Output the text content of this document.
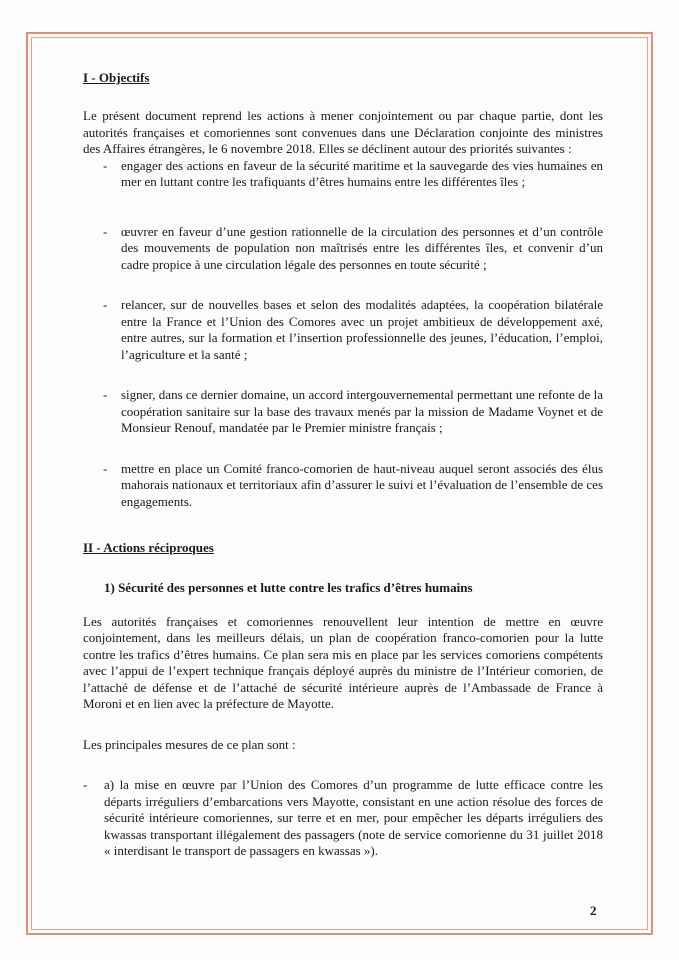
I - Objectifs

Le présent document reprend les actions à mener conjointement ou par chaque partie, dont les autorités françaises et comoriennes sont convenues dans une Déclaration conjointe des ministres des Affaires étrangères, le 6 novembre 2018. Elles se déclinent autour des priorités suivantes :

- engager des actions en faveur de la sécurité maritime et la sauvegarde des vies humaines en mer en luttant contre les trafiquants d’êtres humains entre les différentes îles ;
- œuvrer en faveur d’une gestion rationnelle de la circulation des personnes et d’un contrôle des mouvements de population non maîtrisés entre les différentes îles, et convenir d’un cadre propice à une circulation légale des personnes en toute sécurité ;
- relancer, sur de nouvelles bases et selon des modalités adaptées, la coopération bilatérale entre la France et l’Union des Comores avec un projet ambitieux de développement axé, entre autres, sur la formation et l’insertion professionnelle des jeunes, l’éducation, l’emploi, l’agriculture et la santé ;
- signer, dans ce dernier domaine, un accord intergouvernemental permettant une refonte de la coopération sanitaire sur la base des travaux menés par la mission de Madame Voynet et de Monsieur Renouf, mandatée par le Premier ministre français ;
- mettre en place un Comité franco-comorien de haut-niveau auquel seront associés des élus mahorais nationaux et territoriaux afin d’assurer le suivi et l’évaluation de l’ensemble de ces engagements.
II - Actions réciproques

1) Sécurité des personnes et lutte contre les trafics d’êtres humains

Les autorités françaises et comoriennes renouvellent leur intention de mettre en œuvre conjointement, dans les meilleurs délais, un plan de coopération franco-comorien pour la lutte contre les trafics d’êtres humains. Ce plan sera mis en place par les services comoriens compétents avec l’appui de l’expert technique français déployé auprès du ministre de l’Intérieur comorien, de l’attaché de défense et de l’attaché de sécurité intérieure auprès de l’Ambassade de France à Moroni et en lien avec la préfecture de Mayotte.

Les principales mesures de ce plan sont :

- a) la mise en œuvre par l’Union des Comores d’un programme de lutte efficace contre les départs irréguliers d’embarcations vers Mayotte, consistant en une action résolue des forces de sécurité intérieure comoriennes, sur terre et en mer, pour empêcher les départs irréguliers des kwassas transportant illégalement des passagers (note de service comorienne du 31 juillet 2018 « interdisant le transport de passagers en kwassas »).
2
